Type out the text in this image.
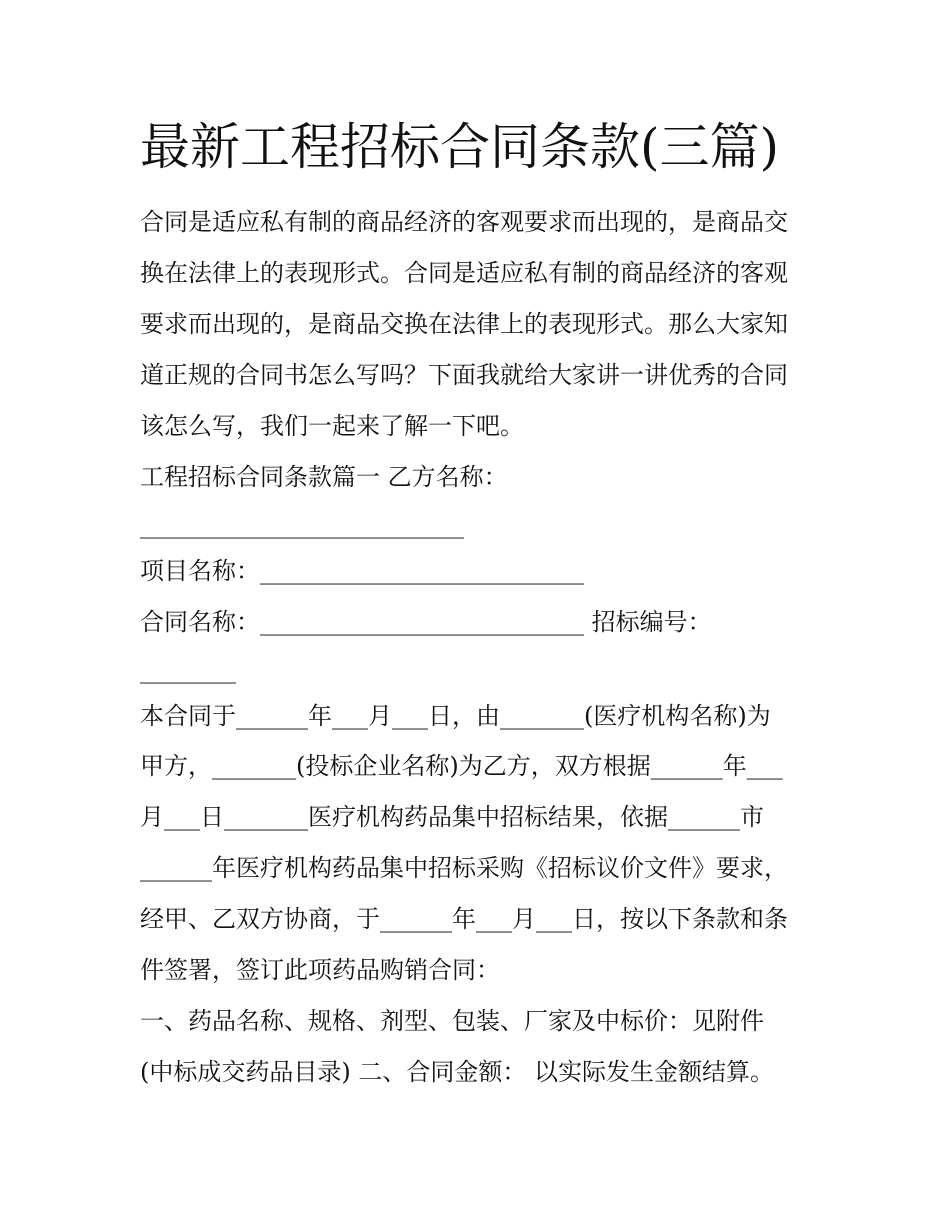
最新工程招标合同条款(三篇)

合同是适应私有制的商品经济的客观要求而出现的，是商品交

换在法律上的表现形式。合同是适应私有制的商品经济的客观

要求而出现的，是商品交换在法律上的表现形式。那么大家知

道正规的合同书怎么写吗？下面我就给大家讲一讲优秀的合同

该怎么写，我们一起来了解一下吧。

工程招标合同条款篇一 乙方名称：

___________________________

项目名称：___________________________

合同名称：___________________________ 招标编号：

________

本合同于______年___月___日，由_______(医疗机构名称)为

甲方，_______(投标企业名称)为乙方，双方根据______年___

月___日_______医疗机构药品集中招标结果，依据______市

______年医疗机构药品集中招标采购《招标议价文件》要求，

经甲、乙双方协商，于______年___月___日，按以下条款和条

件签署，签订此项药品购销合同：

一、药品名称、规格、剂型、包装、厂家及中标价：见附件

(中标成交药品目录) 二、合同金额： 以实际发生金额结算。
